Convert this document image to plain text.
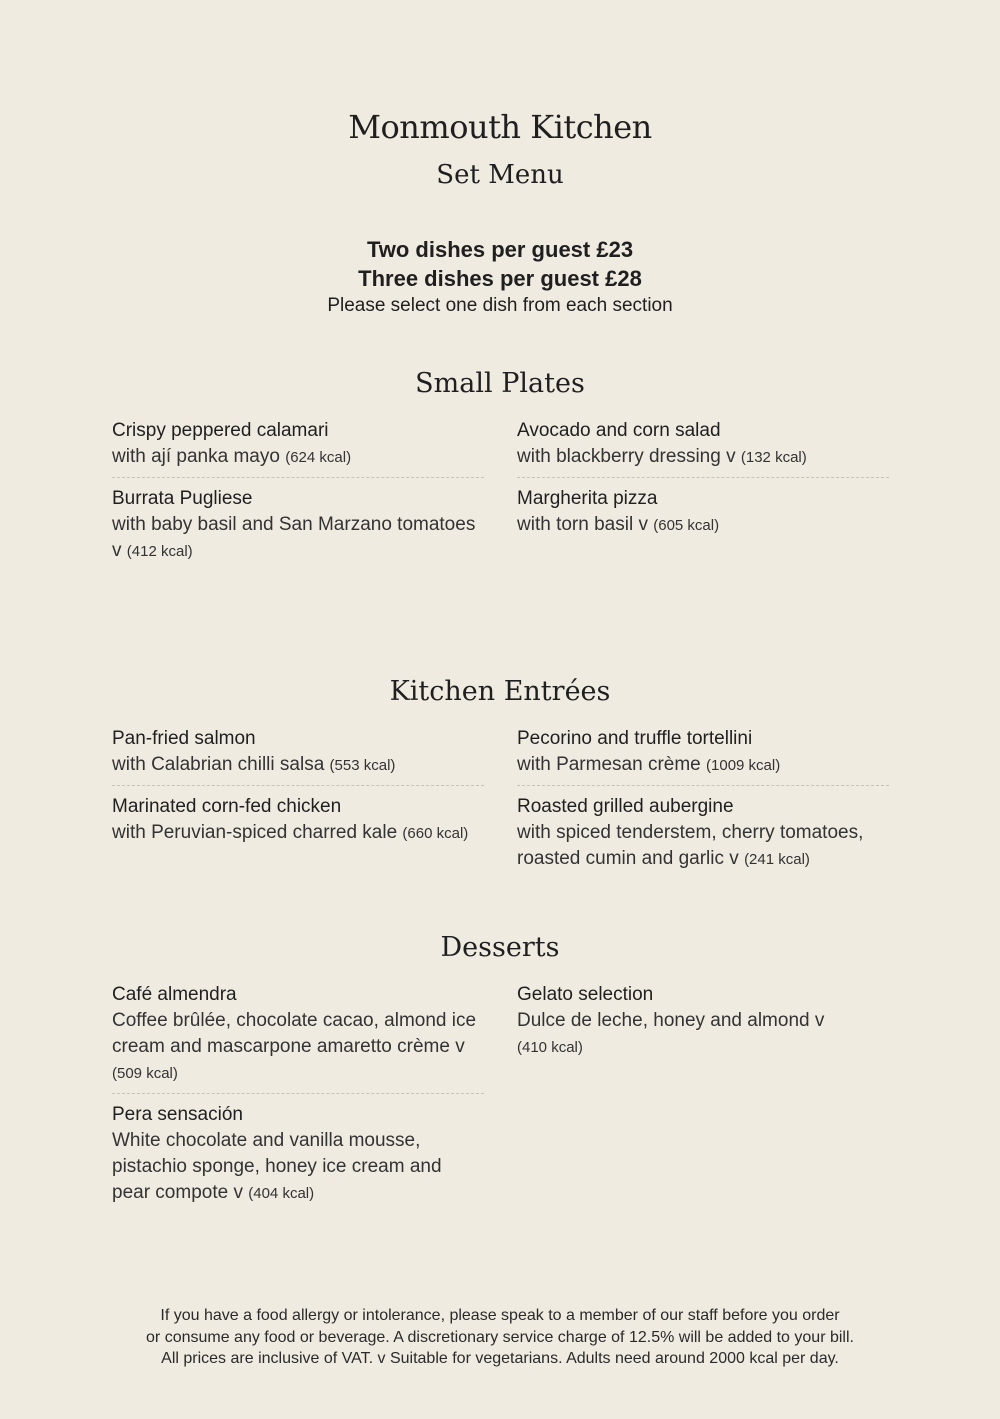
Monmouth Kitchen
Set Menu

Two dishes per guest £23

Three dishes per guest £28

Please select one dish from each section

Small Plates
Crispy peppered calamari
with ají panka mayo (624 kcal)
Burrata Pugliese
with baby basil and San Marzano tomatoes v (412 kcal)
Avocado and corn salad
with blackberry dressing v (132 kcal)
Margherita pizza
with torn basil v (605 kcal)
Kitchen Entrées
Pan-fried salmon
with Calabrian chilli salsa (553 kcal)
Marinated corn-fed chicken
with Peruvian-spiced charred kale (660 kcal)
Pecorino and truffle tortellini
with Parmesan crème (1009 kcal)
Roasted grilled aubergine
with spiced tenderstem, cherry tomatoes, roasted cumin and garlic v (241 kcal)
Desserts
Café almendra
Coffee brûlée, chocolate cacao, almond ice cream and mascarpone amaretto crème v (509 kcal)
Pera sensación
White chocolate and vanilla mousse, pistachio sponge, honey ice cream and pear compote v (404 kcal)
Gelato selection
Dulce de leche, honey and almond v
(410 kcal)
If you have a food allergy or intolerance, please speak to a member of our staff before you order
or consume any food or beverage. A discretionary service charge of 12.5% will be added to your bill.
All prices are inclusive of VAT. v Suitable for vegetarians. Adults need around 2000 kcal per day.
